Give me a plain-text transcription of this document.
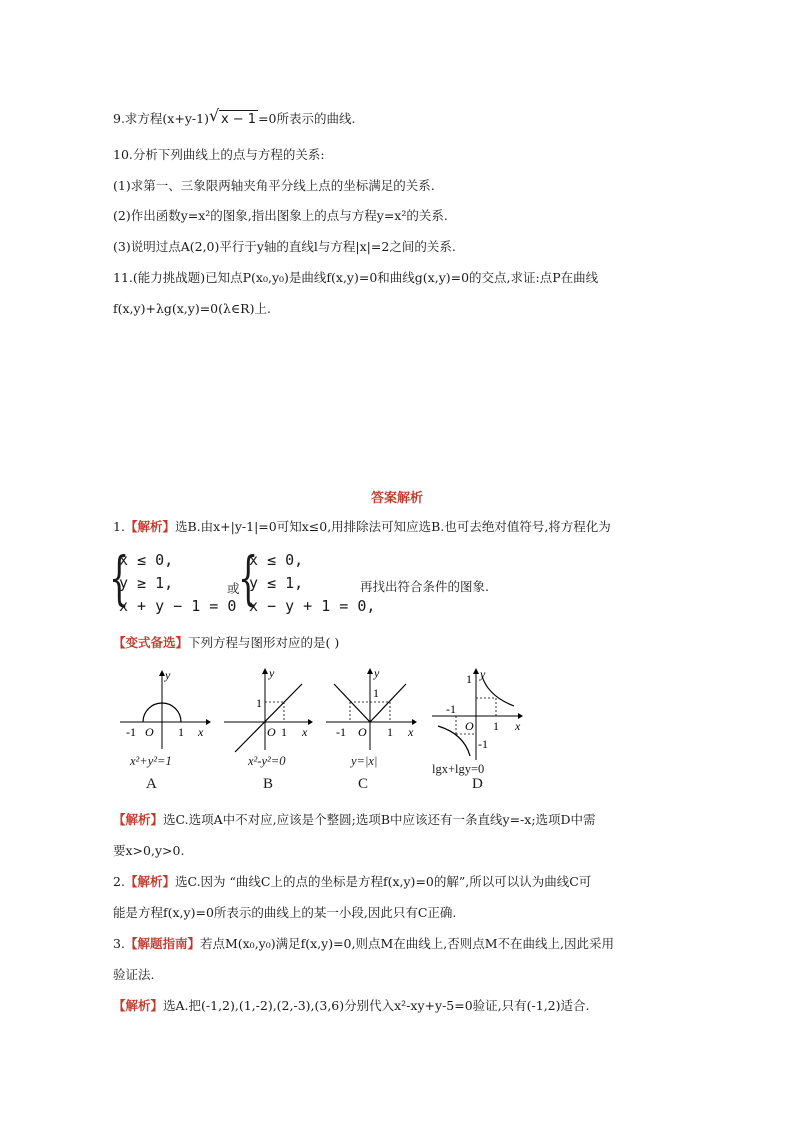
9.求方程(x+y-1) √ x − 1 =0所表示的曲线.
10.分析下列曲线上的点与方程的关系:
(1)求第一、三象限两轴夹角平分线上点的坐标满足的关系.
(2)作出函数y=x²的图象,指出图象上的点与方程y=x²的关系.
(3)说明过点A(2,0)平行于y轴的直线l与方程|x|=2之间的关系.
11.(能力挑战题)已知点P(x₀,y₀)是曲线f(x,y)=0和曲线g(x,y)=0的交点,求证:点P在曲线
f(x,y)+λg(x,y)=0(λ∈R)上.
答案解析
1.【解析】选B.由x+|y-1|=0可知x≤0,用排除法可知应选B.也可去绝对值符号,将方程化为
{
x ≤ 0,
y ≥ 1,
x + y − 1 = 0
或
{
x ≤ 0,
y ≤ 1,
x − y + 1 = 0,
再找出符合条件的图象.
【变式备选】下列方程与图形对应的是( )
y
x
-1 O 1
x²+y²=1
A
y
x
1
O 1
x²-y²=0
B
y
x
1
-1 O 1
y=|x|
C
y
x
1
-1
O 1
-1
lgx+lgy=0
D
【解析】选C.选项A中不对应,应该是个整圆;选项B中应该还有一条直线y=-x;选项D中需
要x>0,y>0.
2.【解析】选C.因为 “曲线C上的点的坐标是方程f(x,y)=0的解”,所以可以认为曲线C可
能是方程f(x,y)=0所表示的曲线上的某一小段,因此只有C正确.
3.【解题指南】若点M(x₀,y₀)满足f(x,y)=0,则点M在曲线上,否则点M不在曲线上,因此采用
验证法.
【解析】选A.把(-1,2),(1,-2),(2,-3),(3,6)分别代入x²-xy+y-5=0验证,只有(-1,2)适合.
